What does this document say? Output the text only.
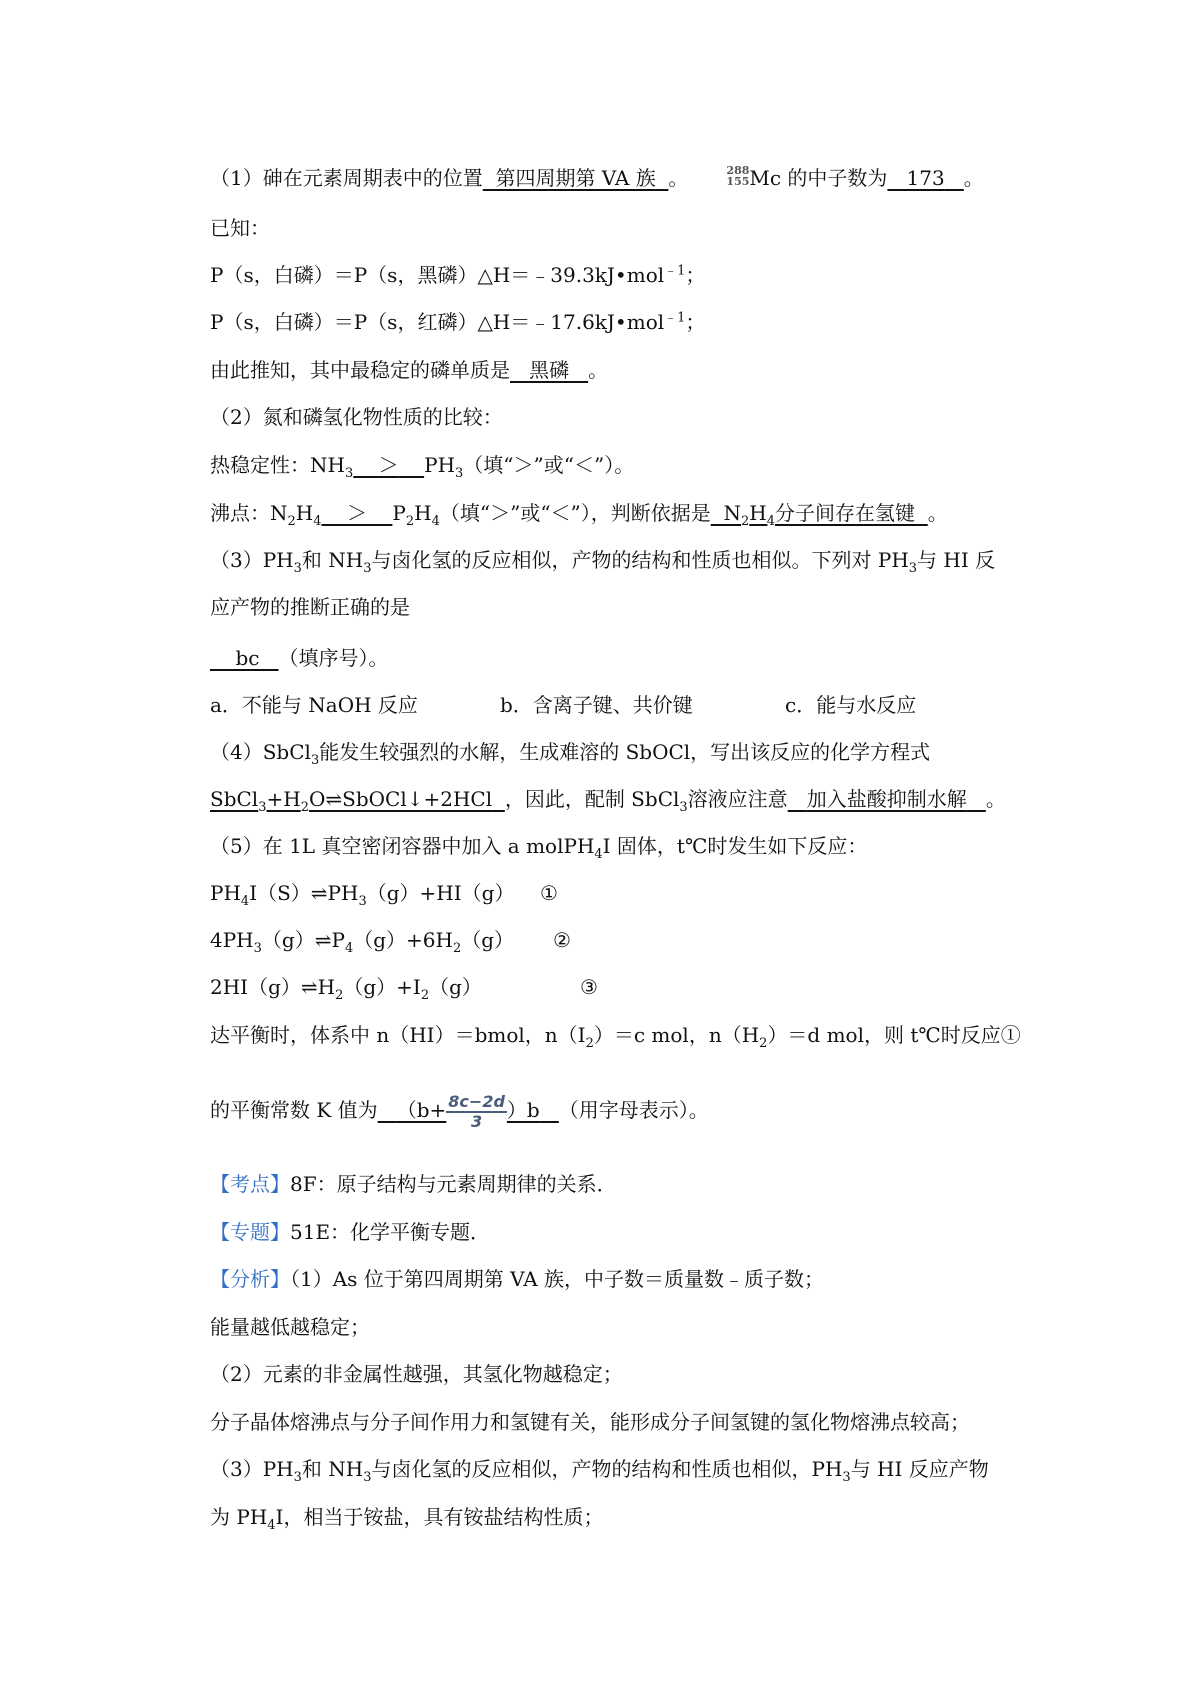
（1）砷在元素周期表中的位置 第四周期第 VA 族 。	288
155 Mc 的中子数为 173 。
已知：
P（s，白磷）＝P（s，黑磷）△H＝﹣39.3kJ•mol$^{﹣1}$；
P（s，白磷）＝P（s，红磷）△H＝﹣17.6kJ•mol$^{﹣1}$；
由此推知，其中最稳定的磷单质是 黑磷 。
（2）氮和磷氢化物性质的比较：
热稳定性：$NH_3 > PH_3$（填“＞”或“＜”）。
沸点：$N_2H_4 > P_2H_4$（填“＞”或“＜”），判断依据是 $N_2H_4$分子间存在氢键 。
$(3)PH_3$和 $NH_3$与卤化氢的反应相似，产物的结构和性质也相似。下列对 $PH_3$与 HI 反
应产物的推断正确的是
bc （填序号）。
a．不能与 NaOH 反应	b．含离子键、共价键	c．能与水反应
（4）SbCl$_3$能发生较强烈的水解，生成难溶的 SbOCl，写出该反应的化学方程式
$SbCl_3+H_2O\rightleftharpoons SbOCl↓+2HCl$ ，因此，配制 SbCl$_3$溶液应注意 加入盐酸抑制水解 。
（5）在 1L 真空密闭容器中加入 a molPH$_4$I 固体，t℃时发生如下反应：
$PH_4I(S)\rightleftharpoons PH_3(g)+HI(g)$ ①
$4PH_3(g)\rightleftharpoons P_4(g)+6H_2(g)$ ②
$2HI(g)\rightleftharpoons H_2(g)+I_2(g)$	③
达平衡时，体系中 n（HI）＝bmol，$n(I_2)=c$ mol，$n(H_2)=d$ mol，则 t℃时反应①
的平衡常数 K 值为 $(b+ \frac{8c-2d}{3} )b$ （用字母表示）。
【考点】8F：原子结构与元素周期律的关系．
【专题】51E：化学平衡专题．
【分析】（1）As 位于第四周期第 VA 族，中子数＝质量数﹣质子数；
能量越低越稳定；
（2）元素的非金属性越强，其氢化物越稳定；
分子晶体熔沸点与分子间作用力和氢键有关，能形成分子间氢键的氢化物熔沸点较高；
$(3)PH_3$和 $NH_3$与卤化氢的反应相似，产物的结构和性质也相似，$PH_3$与 HI 反应产物
为 $PH_4I$，相当于铵盐，具有铵盐结构性质；
